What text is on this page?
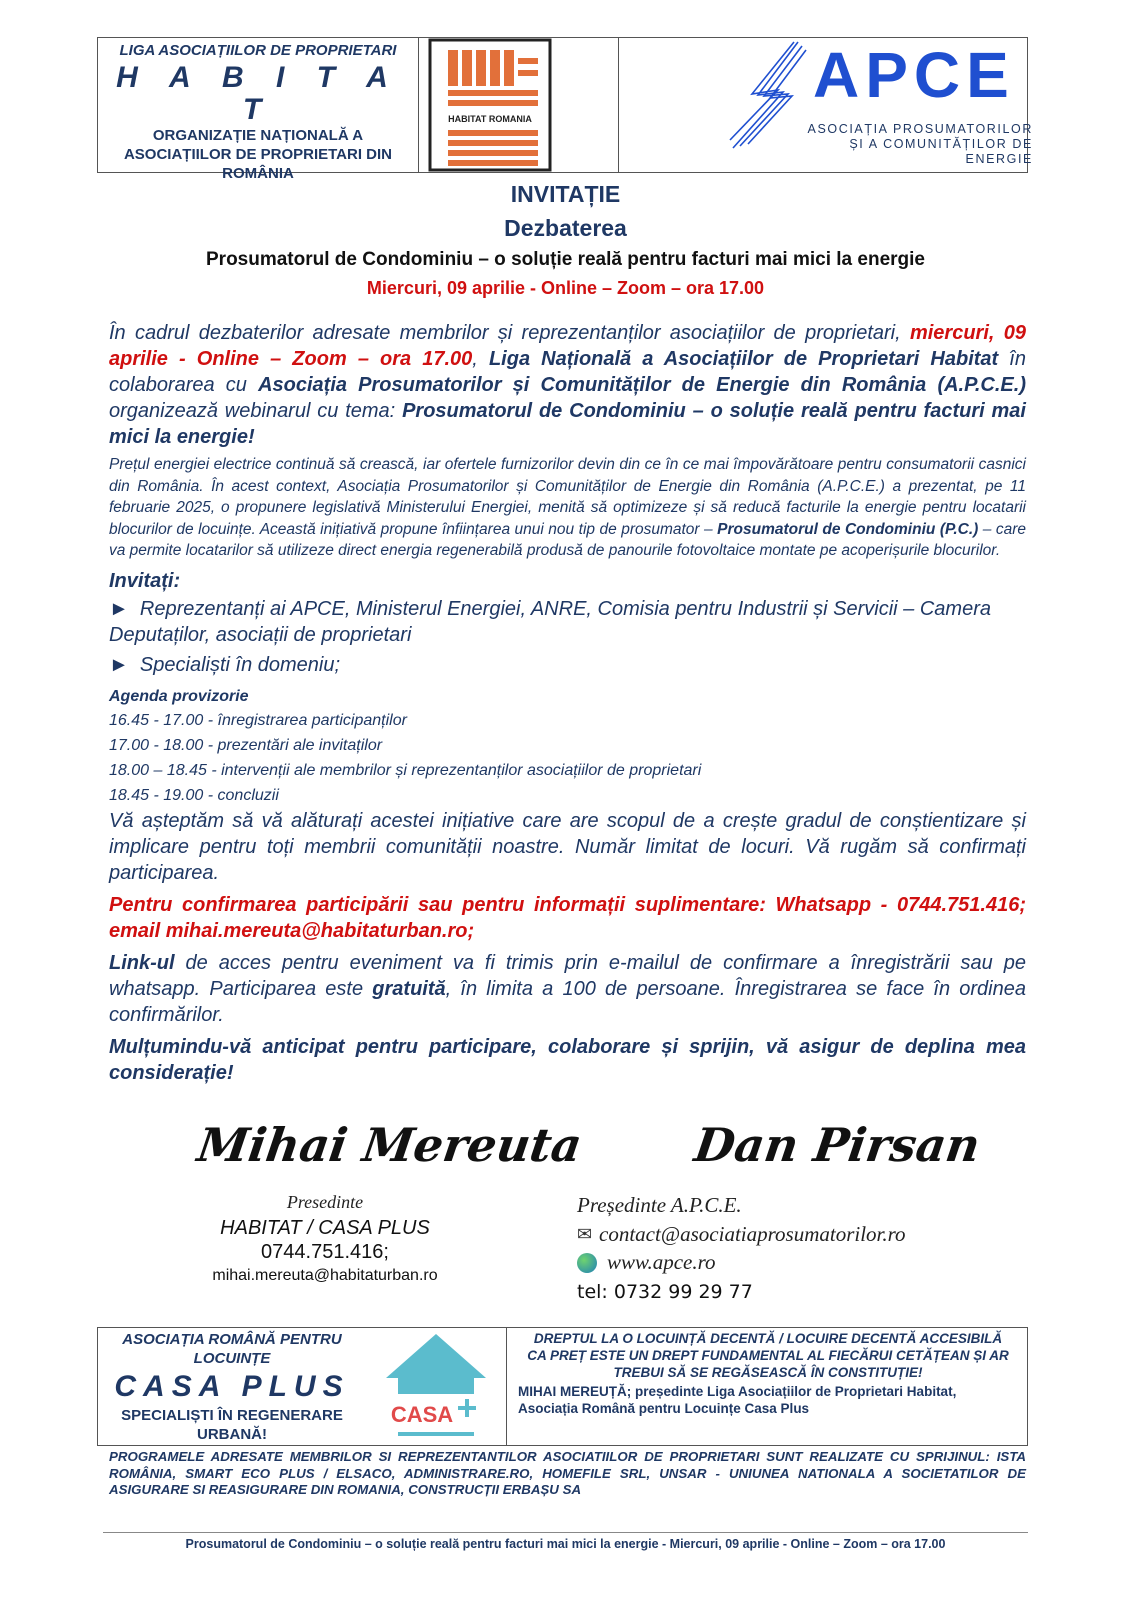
LIGA ASOCIAȚIILOR DE PROPRIETARI
H A B I T A T
ORGANIZAȚIE NAȚIONALĂ A ASOCIAȚIILOR DE PROPRIETARI DIN ROMÂNIA
HABITAT ROMANIA
APCE
ASOCIAȚIA PROSUMATORILOR
ȘI A COMUNITĂȚILOR DE ENERGIE
INVITAȚIE
Dezbaterea
Prosumatorul de Condominiu – o soluție reală pentru facturi mai mici la energie
Miercuri, 09 aprilie - Online – Zoom – ora 17.00

În cadrul dezbaterilor adresate membrilor și reprezentanților asociațiilor de proprietari, miercuri, 09 aprilie - Online – Zoom – ora 17.00, Liga Națională a Asociațiilor de Proprietari Habitat în colaborarea cu Asociația Prosumatorilor și Comunităților de Energie din România (A.P.C.E.) organizează webinarul cu tema: Prosumatorul de Condominiu – o soluție reală pentru facturi mai mici la energie!

Prețul energiei electrice continuă să crească, iar ofertele furnizorilor devin din ce în ce mai împovărătoare pentru consumatorii casnici din România. În acest context, Asociația Prosumatorilor și Comunităților de Energie din România (A.P.C.E.) a prezentat, pe 11 februarie 2025, o propunere legislativă Ministerului Energiei, menită să optimizeze și să reducă facturile la energie pentru locatarii blocurilor de locuințe. Această inițiativă propune înființarea unui nou tip de prosumator – Prosumatorul de Condominiu (P.C.) – care va permite locatarilor să utilizeze direct energia regenerabilă produsă de panourile fotovoltaice montate pe acoperișurile blocurilor.

Invitați:
►  Reprezentanți ai APCE, Ministerul Energiei, ANRE, Comisia pentru Industrii și Servicii – Camera Deputaților, asociații de proprietari
►  Specialiști în domeniu;
Agenda provizorie
16.45 - 17.00 - înregistrarea participanților
17.00 - 18.00 - prezentări ale invitaților
18.00 – 18.45 - intervenții ale membrilor și reprezentanților asociațiilor de proprietari
18.45 - 19.00 - concluzii

Vă așteptăm să vă alăturați acestei inițiative care are scopul de a crește gradul de conștientizare și implicare pentru toți membrii comunității noastre. Număr limitat de locuri. Vă rugăm să confirmați participarea.

Pentru confirmarea participării sau pentru informații suplimentare: Whatsapp - 0744.751.416; email mihai.mereuta@habitaturban.ro;

Link-ul de acces pentru eveniment va fi trimis prin e-mailul de confirmare a înregistrării sau pe whatsapp. Participarea este gratuită, în limita a 100 de persoane. Înregistrarea se face în ordinea confirmărilor.

Mulțumindu-vă anticipat pentru participare, colaborare și sprijin, vă asigur de deplina mea considerație!

Mihai Mereuta Dan Pirsan
Presedinte
HABITAT / CASA PLUS
0744.751.416;
mihai.mereuta@habitaturban.ro
Președinte A.P.C.E.
✉ contact@asociatiaprosumatorilor.ro
www.apce.ro
tel: 0732 99 29 77
ASOCIAȚIA ROMÂNĂ PENTRU LOCUINȚE
CASA PLUS
SPECIALIȘTI ÎN REGENERARE URBANĂ!
CASA
DREPTUL LA O LOCUINȚĂ DECENTĂ / LOCUIRE DECENTĂ ACCESIBILĂ CA PREȚ ESTE UN DREPT FUNDAMENTAL AL FIECĂRUI CETĂȚEAN ȘI AR TREBUI SĂ SE REGĂSEASCĂ ÎN CONSTITUȚIE!
MIHAI MEREUȚĂ; președinte Liga Asociațiilor de Proprietari Habitat, Asociația Română pentru Locuințe Casa Plus
PROGRAMELE ADRESATE MEMBRILOR SI REPREZENTANTILOR ASOCIATIILOR DE PROPRIETARI SUNT REALIZATE CU SPRIJINUL: ISTA ROMÂNIA, SMART ECO PLUS / ELSACO, ADMINISTRARE.RO, HOMEFILE SRL, UNSAR - UNIUNEA NATIONALA A SOCIETATILOR DE ASIGURARE SI REASIGURARE DIN ROMANIA, CONSTRUCȚII ERBAȘU SA
Prosumatorul de Condominiu – o soluție reală pentru facturi mai mici la energie - Miercuri, 09 aprilie - Online – Zoom – ora 17.00
